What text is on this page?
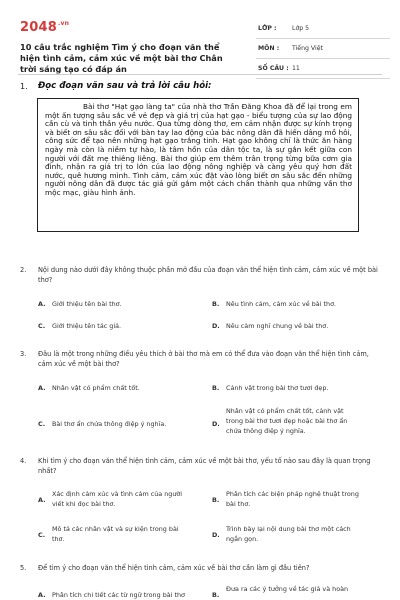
$2048^{.vn}$
10 câu trắc nghiệm Tìm ý cho đoạn văn thể hiện tình cảm, cảm xúc về một bài thơ Chân trời sáng tạo có đáp án
LỚP : Lớp 5
MÔN : Tiếng Việt
SỐ CÂU : 11
1. Đọc đoạn văn sau và trả lời câu hỏi:

Bài thơ "Hạt gạo làng ta" của nhà thơ Trần Đăng Khoa đã để lại trong em một ấn tượng sâu sắc về vẻ đẹp và giá trị của hạt gạo - biểu tượng của sự lao động cần cù và tinh thần yêu nước. Qua từng dòng thơ, em cảm nhận được sự kính trọng và biết ơn sâu sắc đối với bàn tay lao động của bác nông dân đã hiến dâng mồ hôi, công sức để tạo nên những hạt gạo trắng tinh. Hạt gạo không chỉ là thức ăn hàng ngày mà còn là niềm tự hào, là tâm hồn của dân tộc ta, là sự gắn kết giữa con người với đất mẹ thiêng liêng. Bài thơ giúp em thêm trân trọng từng bữa cơm gia đình, nhận ra giá trị to lớn của lao động nông nghiệp và càng yêu quý hơn đất nước, quê hương mình. Tình cảm, cảm xúc đặt vào lòng biết ơn sâu sắc đến những người nông dân đã được tác giả gửi gắm một cách chân thành qua những vần thơ mộc mạc, giàu hình ảnh.

2. Nội dung nào dưới đây không thuộc phần mở đầu của đoạn văn thể hiện tình cảm, cảm xúc về một bài thơ?
A. Giới thiệu tên bài thơ.	B. Nêu tình cảm, cảm xúc về bài thơ.
C. Giới thiệu tên tác giả.	D. Nêu cảm nghĩ chung về bài thơ.
3. Đâu là một trong những điều yêu thích ở bài thơ mà em có thể đưa vào đoạn văn thể hiện tình cảm, cảm xúc về một bài thơ?
A. Nhân vật có phẩm chất tốt.	B. Cảnh vật trong bài thơ tươi đẹp.
C. Bài thơ ẩn chứa thông điệp ý nghĩa.	D.
Nhân vật có phẩm chất tốt, cảnh vật trong bài thơ tươi đẹp hoặc bài thơ ẩn chứa thông điệp ý nghĩa.
4. Khi tìm ý cho đoạn văn thể hiện tình cảm, cảm xúc về một bài thơ, yếu tố nào sau đây là quan trọng nhất?
A.
Xác định cảm xúc và tình cảm của người viết khi đọc bài thơ.	B.
Phân tích các biện pháp nghệ thuật trong bài thơ.
C.
Mô tả các nhân vật và sự kiện trong bài thơ.	D.
Trình bày lại nội dung bài thơ một cách ngắn gọn.
5. Để tìm ý cho đoạn văn thể hiện tình cảm, cảm xúc về bài thơ cần làm gì đầu tiên?
A. Phân tích chi tiết các từ ngữ trong bài thơ	B.
Đưa ra các ý tưởng về tác giả và hoàn
